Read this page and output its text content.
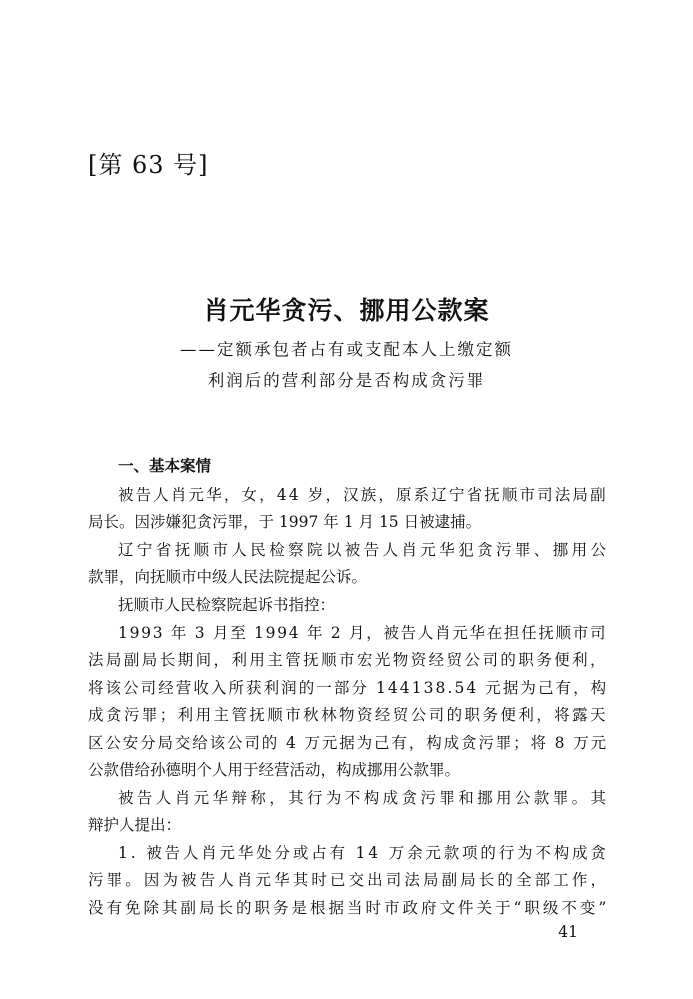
[第 63 号]
肖元华贪污、挪用公款案
——定额承包者占有或支配本人上缴定额
利润后的营利部分是否构成贪污罪
一、基本案情
被告人肖元华，女，44 岁，汉族，原系辽宁省抚顺市司法局副
局长。因涉嫌犯贪污罪，于 1997 年 1 月 15 日被逮捕。
辽宁省抚顺市人民检察院以被告人肖元华犯贪污罪、挪用公
款罪，向抚顺市中级人民法院提起公诉。
抚顺市人民检察院起诉书指控：
1993 年 3 月至 1994 年 2 月，被告人肖元华在担任抚顺市司
法局副局长期间，利用主管抚顺市宏光物资经贸公司的职务便利，
将该公司经营收入所获利润的一部分 144138.54 元据为己有，构
成贪污罪；利用主管抚顺市秋林物资经贸公司的职务便利，将露天
区公安分局交给该公司的 4 万元据为己有，构成贪污罪；将 8 万元
公款借给孙德明个人用于经营活动，构成挪用公款罪。
被告人肖元华辩称，其行为不构成贪污罪和挪用公款罪。其
辩护人提出：
1. 被告人肖元华处分或占有 14 万余元款项的行为不构成贪
污罪。因为被告人肖元华其时已交出司法局副局长的全部工作，
没有免除其副局长的职务是根据当时市政府文件关于“职级不变”
41
